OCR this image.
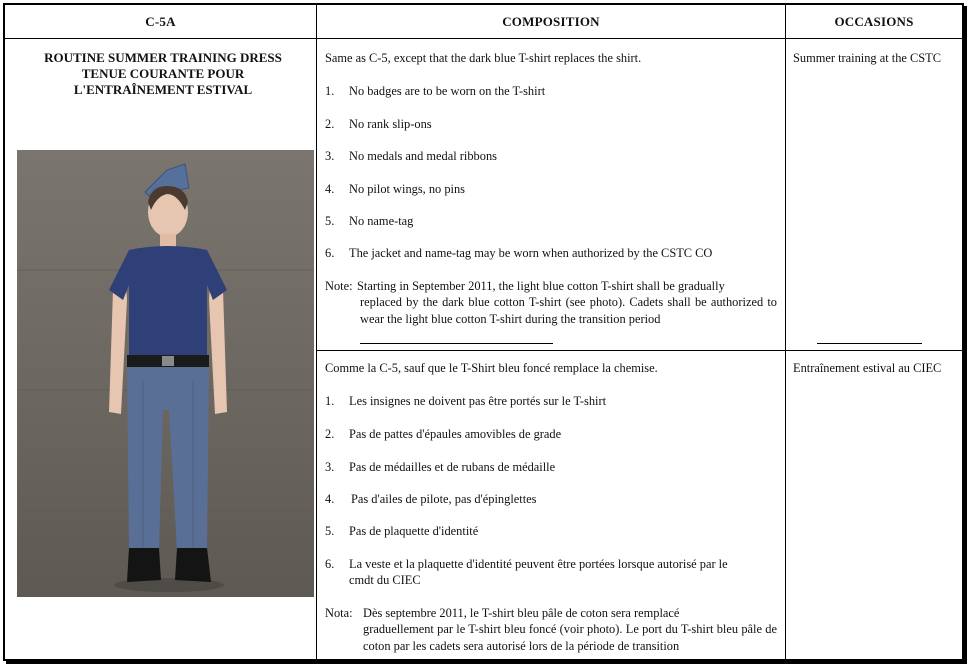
C-5A	COMPOSITION	OCCASIONS
ROUTINE SUMMER TRAINING DRESS
TENUE COURANTE POUR
L'ENTRAÎNEMENT ESTIVAL
Same as C-5, except that the dark blue T-shirt replaces the shirt.
1. No badges are to be worn on the T-shirt
2. No rank slip-ons
3. No medals and medal ribbons
4. No pilot wings, no pins
5. No name-tag
6. The jacket and name-tag may be worn when authorized by the CSTC CO
Note: Starting in September 2011, the light blue cotton T-shirt shall be gradually
replaced by the dark blue cotton T-shirt (see photo). Cadets shall be authorized to wear the light blue cotton T-shirt during the transition period
Comme la C-5, sauf que le T-Shirt bleu foncé remplace la chemise.
1. Les insignes ne doivent pas être portés sur le T-shirt
2. Pas de pattes d'épaules amovibles de grade
3. Pas de médailles et de rubans de médaille
4. Pas d'ailes de pilote, pas d'épinglettes
5. Pas de plaquette d'identité
6. La veste et la plaquette d'identité peuvent être portées lorsque autorisé par le
cmdt du CIEC
Nota: Dès septembre 2011, le T-shirt bleu pâle de coton sera remplacé
graduellement par le T-shirt bleu foncé (voir photo). Le port du T-shirt bleu pâle de coton par les cadets sera autorisé lors de la période de transition
Summer training at the CSTC
Entraînement estival au CIEC
